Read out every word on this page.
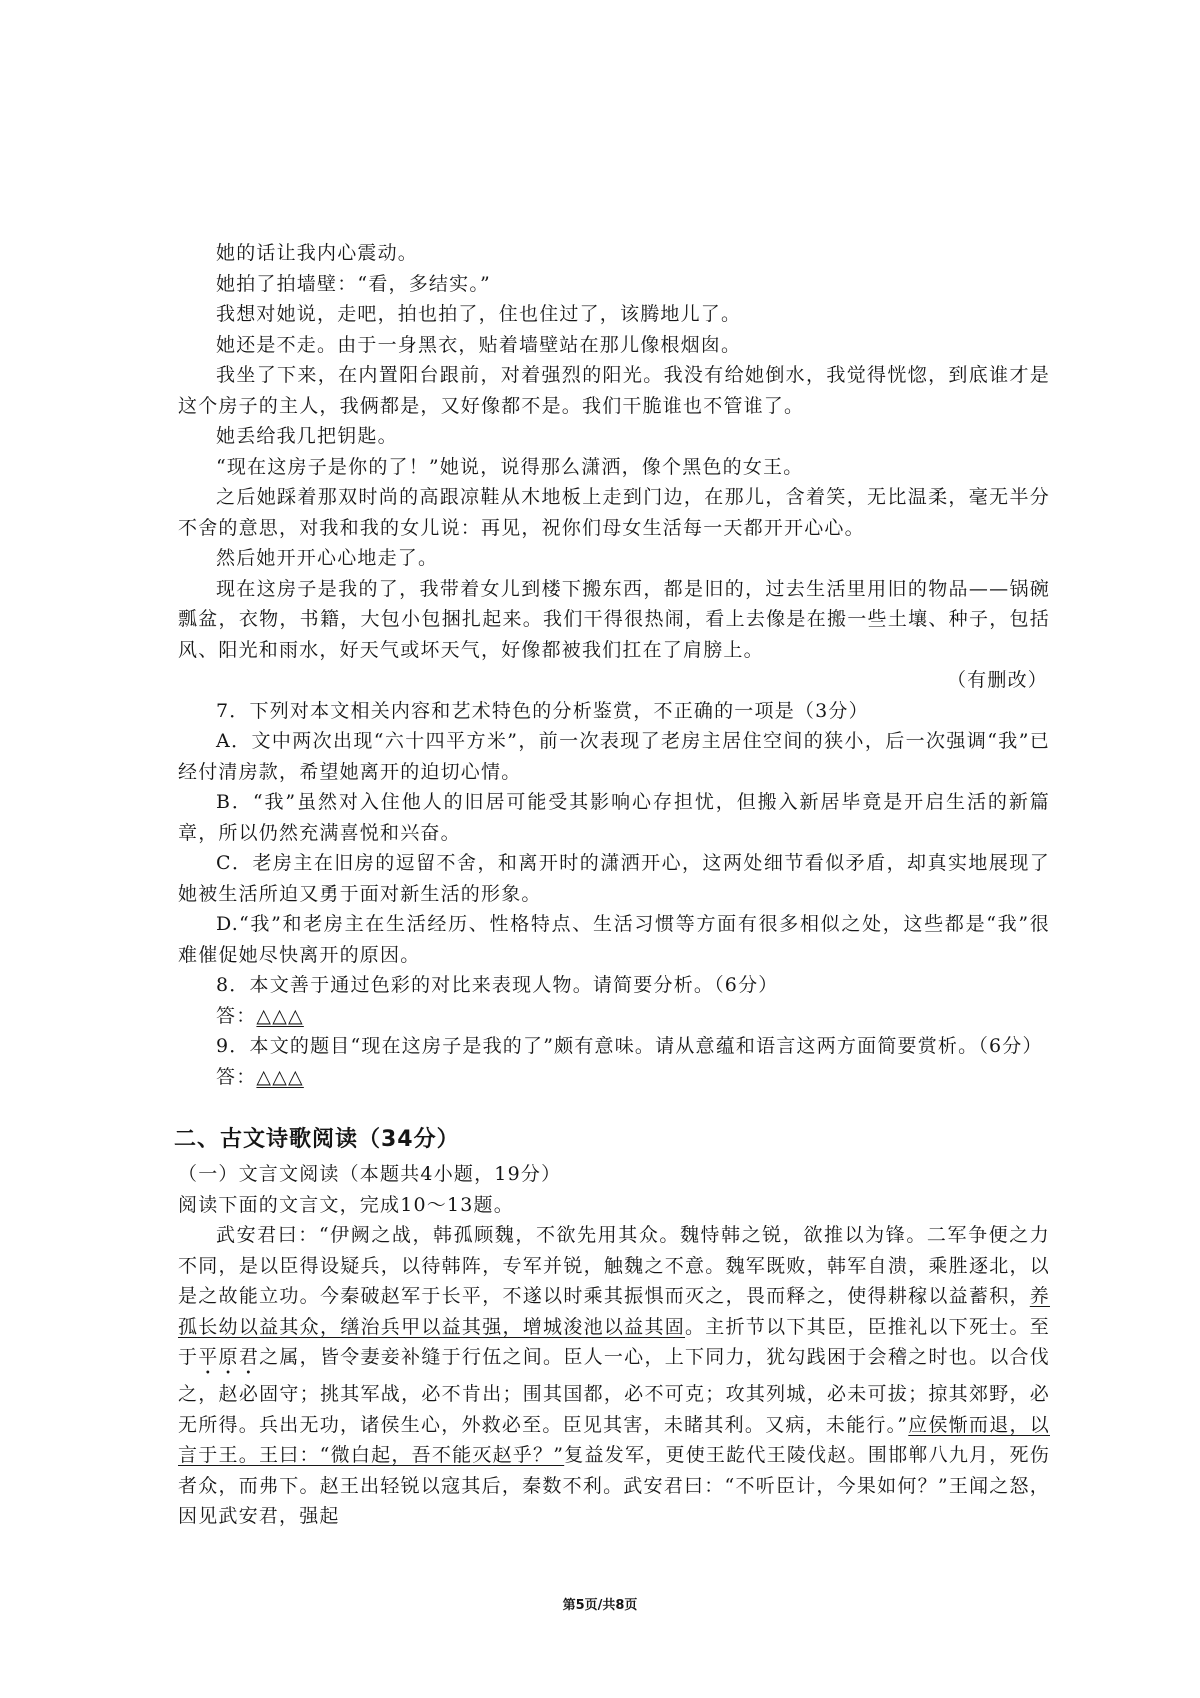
她的话让我内心震动。

她拍了拍墙壁：“看，多结实。”

我想对她说，走吧，拍也拍了，住也住过了，该腾地儿了。

她还是不走。由于一身黑衣，贴着墙壁站在那儿像根烟囱。

我坐了下来，在内置阳台跟前，对着强烈的阳光。我没有给她倒水，我觉得恍惚，到底谁才是这个房子的主人，我俩都是，又好像都不是。我们干脆谁也不管谁了。

她丢给我几把钥匙。

“现在这房子是你的了！”她说，说得那么潇洒，像个黑色的女王。

之后她踩着那双时尚的高跟凉鞋从木地板上走到门边，在那儿，含着笑，无比温柔，毫无半分不舍的意思，对我和我的女儿说：再见，祝你们母女生活每一天都开开心心。

然后她开开心心地走了。

现在这房子是我的了，我带着女儿到楼下搬东西，都是旧的，过去生活里用旧的物品——锅碗瓢盆，衣物，书籍，大包小包捆扎起来。我们干得很热闹，看上去像是在搬一些土壤、种子，包括风、阳光和雨水，好天气或坏天气，好像都被我们扛在了肩膀上。

（有删改）

7．下列对本文相关内容和艺术特色的分析鉴赏，不正确的一项是（3分）

A．文中两次出现“六十四平方米”，前一次表现了老房主居住空间的狭小，后一次强调“我”已经付清房款，希望她离开的迫切心情。

B．“我”虽然对入住他人的旧居可能受其影响心存担忧，但搬入新居毕竟是开启生活的新篇章，所以仍然充满喜悦和兴奋。

C．老房主在旧房的逗留不舍，和离开时的潇洒开心，这两处细节看似矛盾，却真实地展现了她被生活所迫又勇于面对新生活的形象。

D.“我”和老房主在生活经历、性格特点、生活习惯等方面有很多相似之处，这些都是“我”很难催促她尽快离开的原因。

8．本文善于通过色彩的对比来表现人物。请简要分析。（6分）

答：△△△

9．本文的题目“现在这房子是我的了”颇有意味。请从意蕴和语言这两方面简要赏析。（6分）

答：△△△

二、古文诗歌阅读（34分）

（一）文言文阅读（本题共4小题，19分）

阅读下面的文言文，完成10～13题。

武安君曰：“伊阙之战，韩孤顾魏，不欲先用其众。魏恃韩之锐，欲推以为锋。二军争便之力不同，是以臣得设疑兵，以待韩阵，专军并锐，触魏之不意。魏军既败，韩军自溃，乘胜逐北，以是之故能立功。今秦破赵军于长平，不遂以时乘其振惧而灭之，畏而释之，使得耕稼以益蓄积，养孤长幼以益其众，缮治兵甲以益其强，增城浚池以益其固。主折节以下其臣，臣推礼以下死士。至于平原君之属，皆令妻妾补缝于行伍之间。臣人一心，上下同力，犹勾践困于会稽之时也。以合伐之，赵必固守；挑其军战，必不肯出；围其国都，必不可克；攻其列城，必未可拔；掠其郊野，必无所得。兵出无功，诸侯生心，外救必至。臣见其害，未睹其利。又病，未能行。”应侯惭而退，以言于王。王曰：“微白起，吾不能灭赵乎？”复益发军，更使王龁代王陵伐赵。围邯郸八九月，死伤者众，而弗下。赵王出轻锐以寇其后，秦数不利。武安君曰：“不听臣计，今果如何？”王闻之怒，因见武安君，强起

第5页/共8页
